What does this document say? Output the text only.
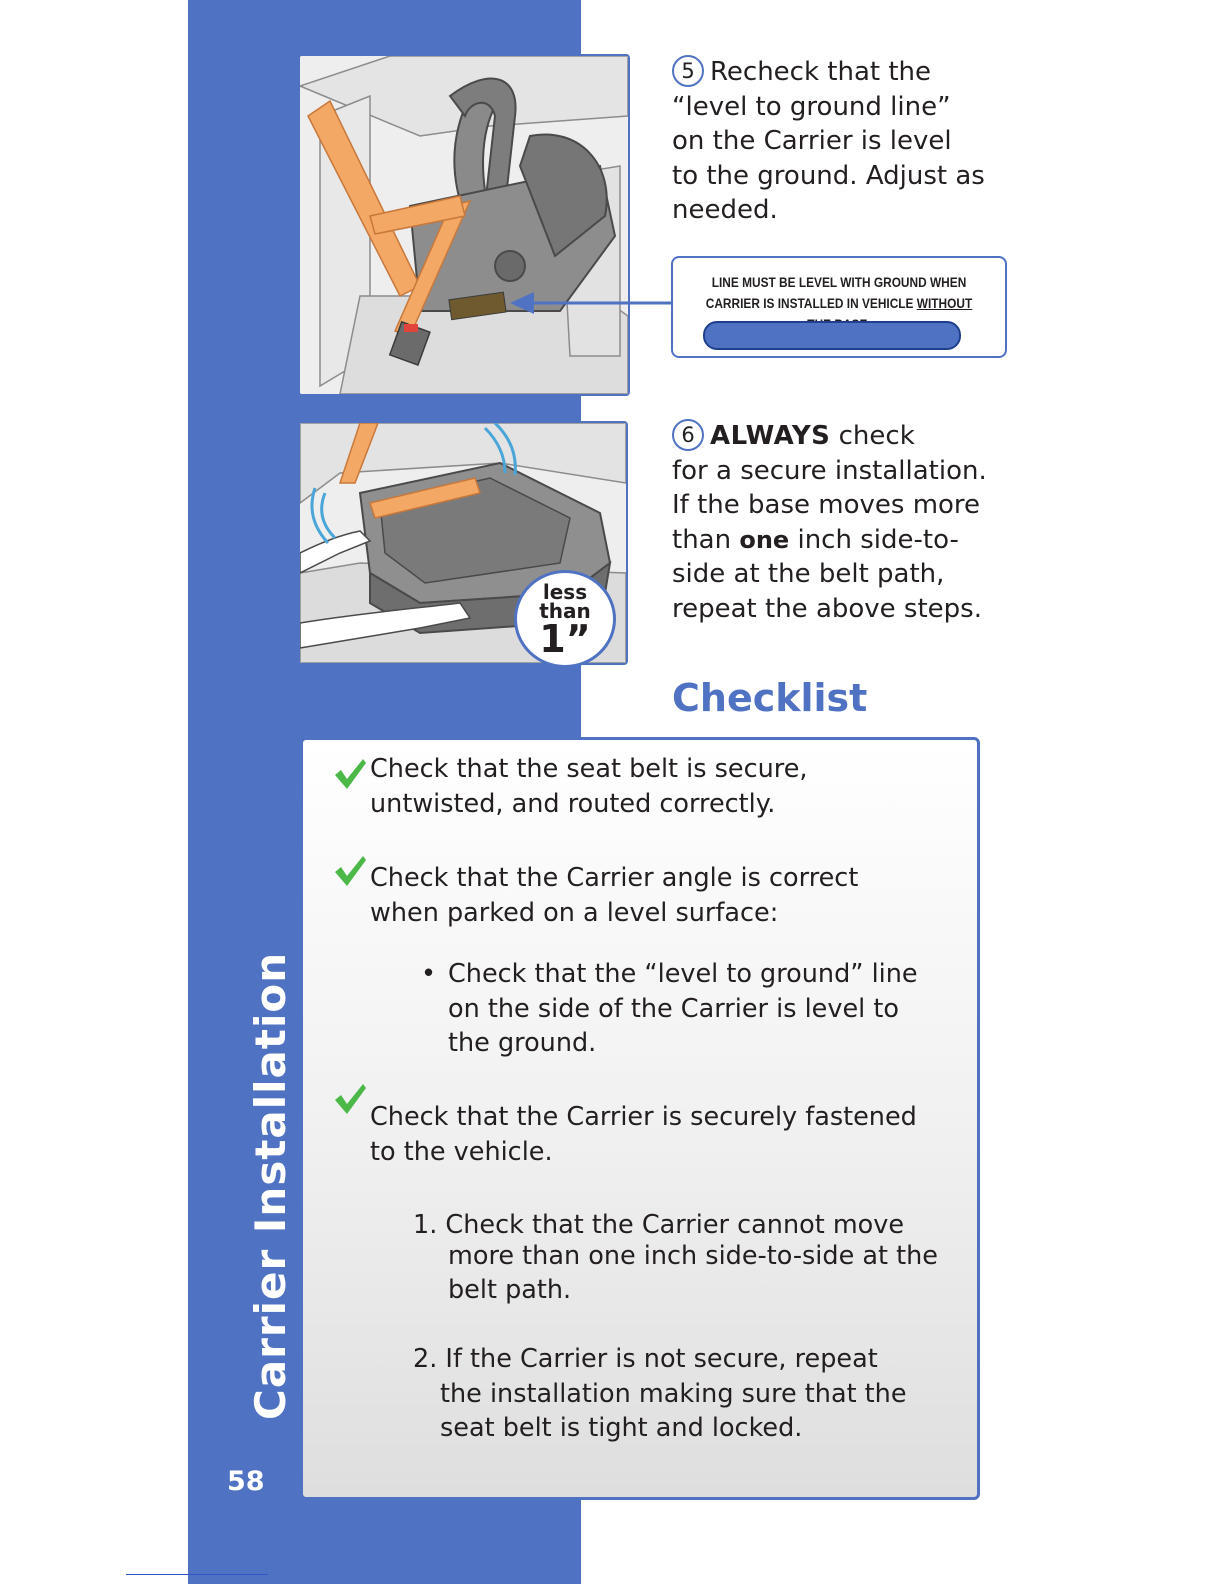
Carrier Installation
58
LINE MUST BE LEVEL WITH GROUND WHEN
CARRIER IS INSTALLED IN VEHICLE WITHOUT
5 Recheck that the
“level to ground line”
on the Carrier is level
to the ground. Adjust as
needed.
less
than
1”
6 ALWAYS check
for a secure installation.
If the base moves more
than one inch side-to-
side at the belt path,
repeat the above steps.
Checklist
Check that the seat belt is secure,
untwisted, and routed correctly.
Check that the Carrier angle is correct
when parked on a level surface:
• Check that the “level to ground” line
on the side of the Carrier is level to
the ground.
Check that the Carrier is securely fastened
to the vehicle.
1. Check that the Carrier cannot move
more than one inch side-to-side at the
belt path.
2. If the Carrier is not secure, repeat
the installation making sure that the
seat belt is tight and locked.
